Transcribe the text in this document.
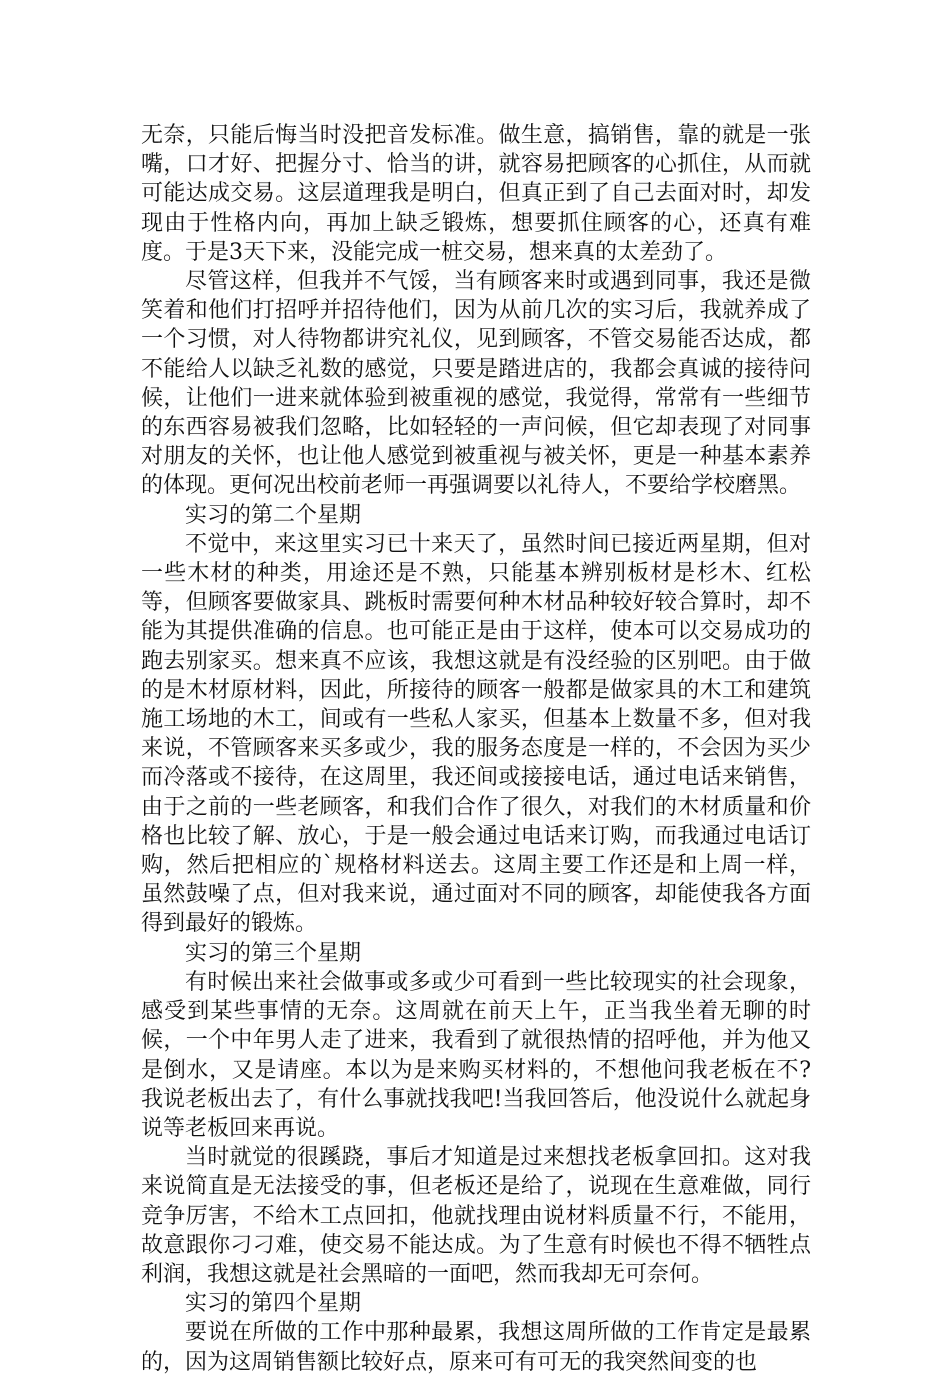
无奈，只能后悔当时没把音发标准。做生意，搞销售，靠的就是一张嘴，口才好、把握分寸、恰当的讲，就容易把顾客的心抓住，从而就可能达成交易。这层道理我是明白，但真正到了自己去面对时，却发现由于性格内向，再加上缺乏锻炼，想要抓住顾客的心，还真有难度。于是3天下来，没能完成一桩交易，想来真的太差劲了。

尽管这样，但我并不气馁，当有顾客来时或遇到同事，我还是微笑着和他们打招呼并招待他们，因为从前几次的实习后，我就养成了一个习惯，对人待物都讲究礼仪，见到顾客，不管交易能否达成，都不能给人以缺乏礼数的感觉，只要是踏进店的，我都会真诚的接待问候，让他们一进来就体验到被重视的感觉，我觉得，常常有一些细节的东西容易被我们忽略，比如轻轻的一声问候，但它却表现了对同事对朋友的关怀，也让他人感觉到被重视与被关怀，更是一种基本素养的体现。更何况出校前老师一再强调要以礼待人，不要给学校磨黑。

实习的第二个星期

不觉中，来这里实习已十来天了，虽然时间已接近两星期，但对一些木材的种类，用途还是不熟，只能基本辨别板材是杉木、红松等，但顾客要做家具、跳板时需要何种木材品种较好较合算时，却不能为其提供准确的信息。也可能正是由于这样，使本可以交易成功的跑去别家买。想来真不应该，我想这就是有没经验的区别吧。由于做的是木材原材料，因此，所接待的顾客一般都是做家具的木工和建筑施工场地的木工，间或有一些私人家买，但基本上数量不多，但对我来说，不管顾客来买多或少，我的服务态度是一样的，不会因为买少而冷落或不接待，在这周里，我还间或接接电话，通过电话来销售，由于之前的一些老顾客，和我们合作了很久，对我们的木材质量和价格也比较了解、放心，于是一般会通过电话来订购，而我通过电话订购，然后把相应的`规格材料送去。这周主要工作还是和上周一样，虽然鼓噪了点，但对我来说，通过面对不同的顾客，却能使我各方面得到最好的锻炼。

实习的第三个星期

有时候出来社会做事或多或少可看到一些比较现实的社会现象，感受到某些事情的无奈。这周就在前天上午，正当我坐着无聊的时候，一个中年男人走了进来，我看到了就很热情的招呼他，并为他又是倒水，又是请座。本以为是来购买材料的，不想他问我老板在不?我说老板出去了，有什么事就找我吧!当我回答后，他没说什么就起身说等老板回来再说。

当时就觉的很蹊跷，事后才知道是过来想找老板拿回扣。这对我来说简直是无法接受的事，但老板还是给了，说现在生意难做，同行竞争厉害，不给木工点回扣，他就找理由说材料质量不行，不能用，故意跟你刁刁难，使交易不能达成。为了生意有时候也不得不牺牲点利润，我想这就是社会黑暗的一面吧，然而我却无可奈何。

实习的第四个星期

要说在所做的工作中那种最累，我想这周所做的工作肯定是最累的，因为这周销售额比较好点，原来可有可无的我突然间变的也
